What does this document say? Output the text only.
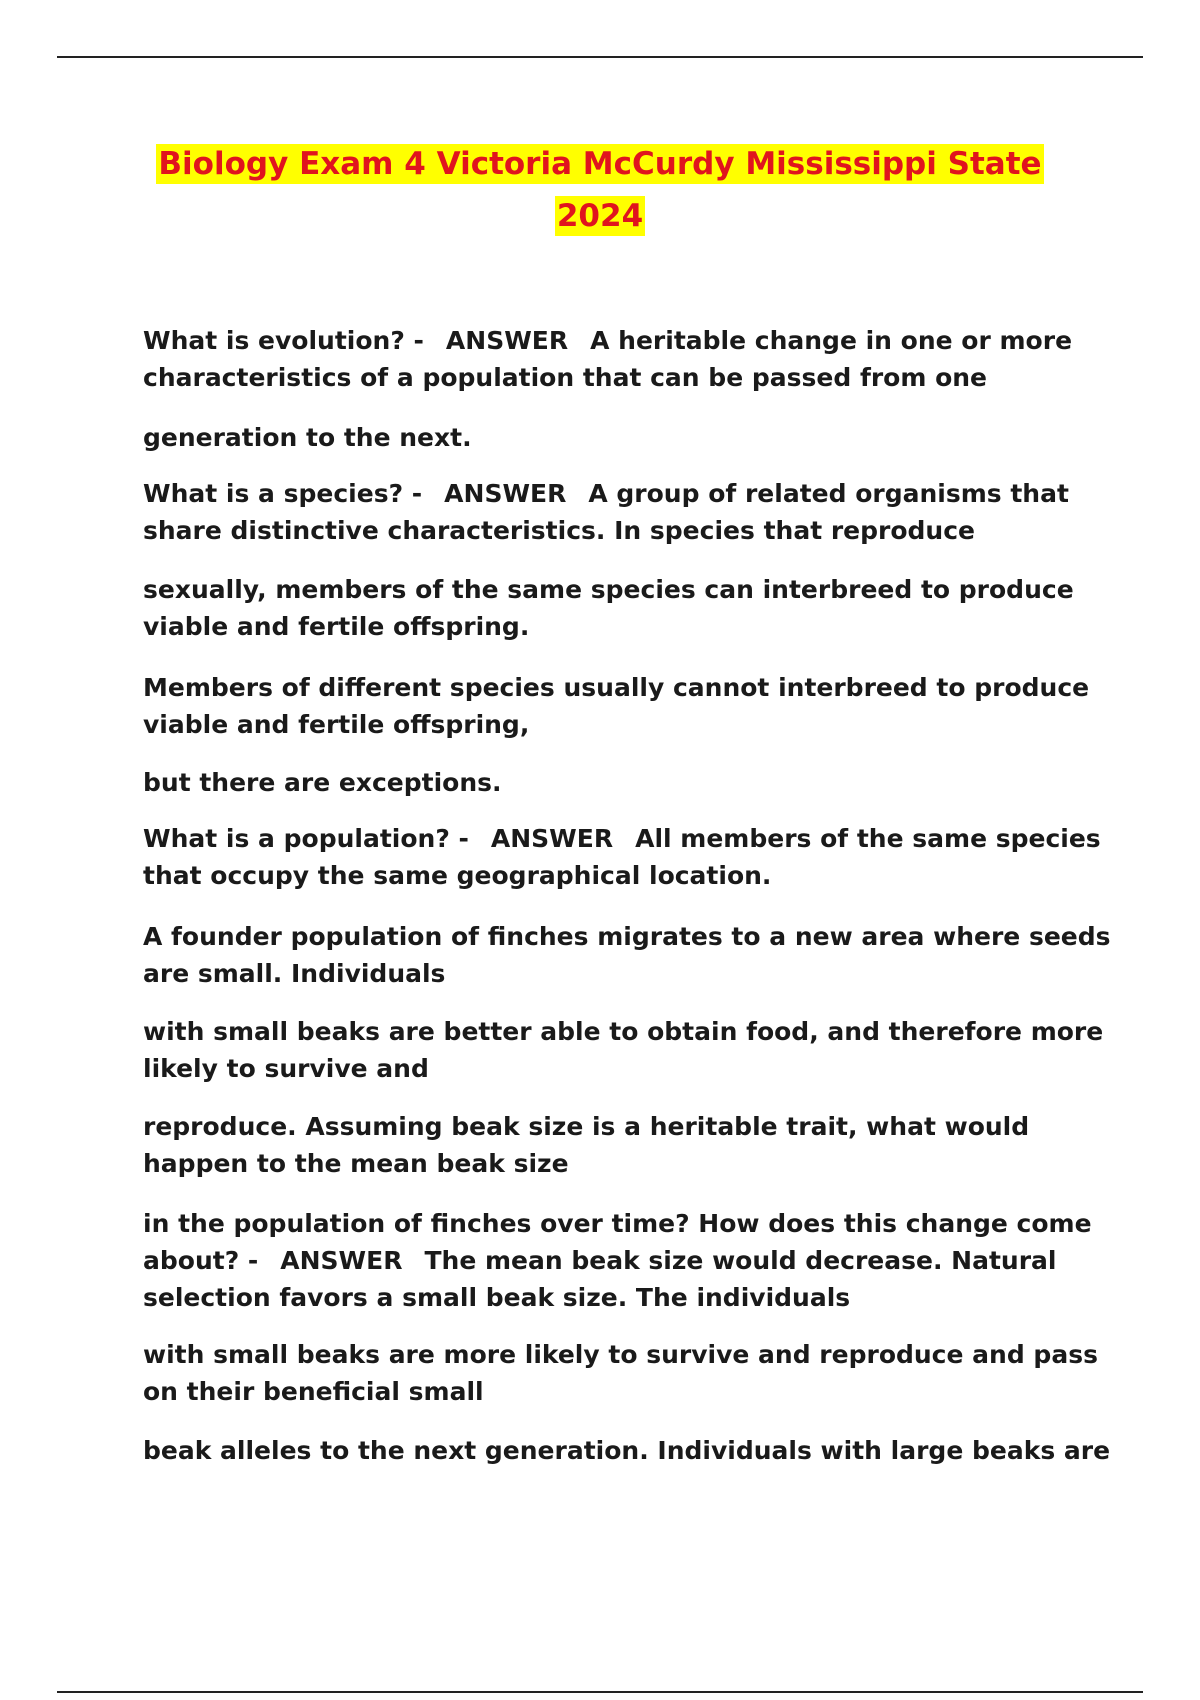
Biology Exam 4 Victoria McCurdy Mississippi State
2024

What is evolution? - ANSWER A heritable change in one or more
characteristics of a population that can be passed from one

generation to the next.

What is a species? - ANSWER A group of related organisms that
share distinctive characteristics. In species that reproduce

sexually, members of the same species can interbreed to produce
viable and fertile offspring.

Members of different species usually cannot interbreed to produce
viable and fertile offspring,

but there are exceptions.

What is a population? - ANSWER All members of the same species
that occupy the same geographical location.

A founder population of finches migrates to a new area where seeds
are small. Individuals

with small beaks are better able to obtain food, and therefore more
likely to survive and

reproduce. Assuming beak size is a heritable trait, what would
happen to the mean beak size

in the population of finches over time? How does this change come
about? - ANSWER The mean beak size would decrease. Natural
selection favors a small beak size. The individuals

with small beaks are more likely to survive and reproduce and pass
on their beneficial small

beak alleles to the next generation. Individuals with large beaks are
